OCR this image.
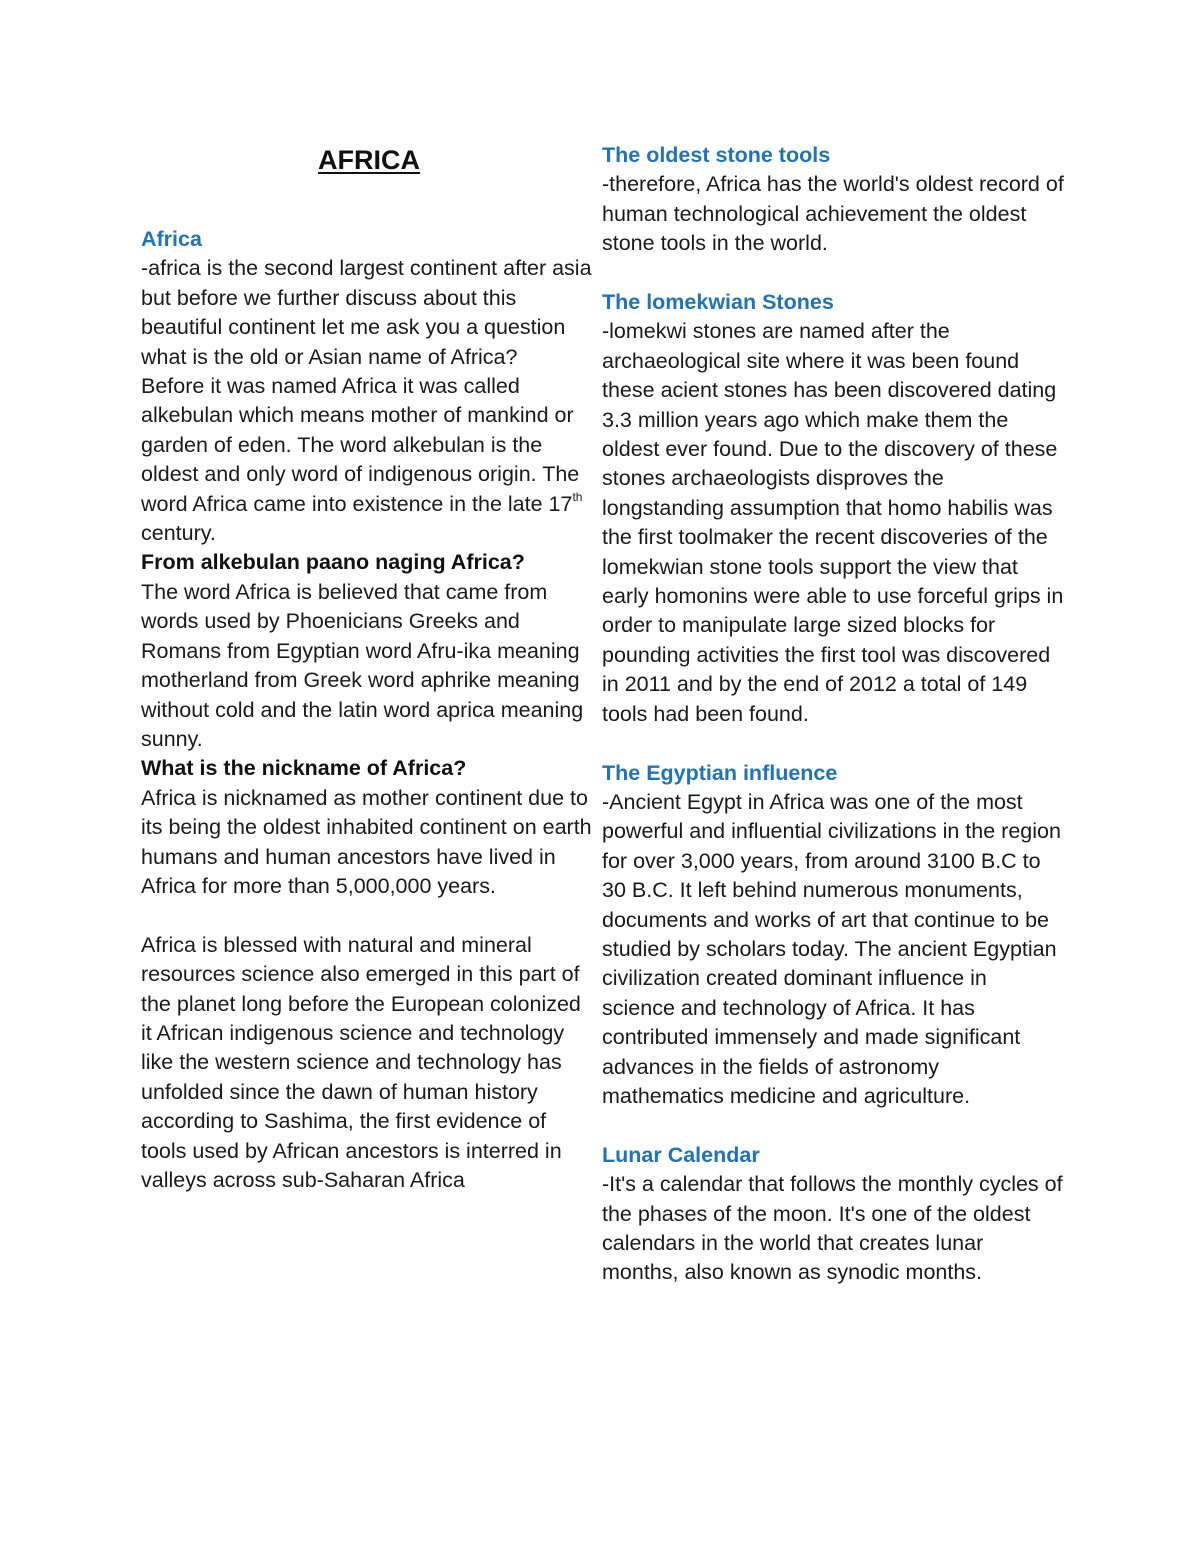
AFRICA

Africa

-africa is the second largest continent after asia but before we further discuss about this beautiful continent let me ask you a question what is the old or Asian name of Africa?

Before it was named Africa it was called alkebulan which means mother of mankind or garden of eden. The word alkebulan is the oldest and only word of indigenous origin. The word Africa came into existence in the late 17th century.

From alkebulan paano naging Africa?

The word Africa is believed that came from words used by Phoenicians Greeks and Romans from Egyptian word Afru-ika meaning motherland from Greek word aphrike meaning without cold and the latin word aprica meaning sunny.

What is the nickname of Africa?

Africa is nicknamed as mother continent due to its being the oldest inhabited continent on earth humans and human ancestors have lived in Africa for more than 5,000,000 years.

Africa is blessed with natural and mineral resources science also emerged in this part of the planet long before the European colonized it African indigenous science and technology like the western science and technology has unfolded since the dawn of human history according to Sashima, the first evidence of tools used by African ancestors is interred in valleys across sub-Saharan Africa

The oldest stone tools

-therefore, Africa has the world's oldest record of human technological achievement the oldest stone tools in the world.

The lomekwian Stones

-lomekwi stones are named after the archaeological site where it was been found these acient stones has been discovered dating 3.3 million years ago which make them the oldest ever found. Due to the discovery of these stones archaeologists disproves the longstanding assumption that homo habilis was the first toolmaker the recent discoveries of the lomekwian stone tools support the view that early homonins were able to use forceful grips in order to manipulate large sized blocks for pounding activities the first tool was discovered in 2011 and by the end of 2012 a total of 149 tools had been found.

The Egyptian influence

-Ancient Egypt in Africa was one of the most powerful and influential civilizations in the region for over 3,000 years, from around 3100 B.C to 30 B.C. It left behind numerous monuments, documents and works of art that continue to be studied by scholars today. The ancient Egyptian civilization created dominant influence in science and technology of Africa. It has contributed immensely and made significant advances in the fields of astronomy mathematics medicine and agriculture.

Lunar Calendar

-It's a calendar that follows the monthly cycles of the phases of the moon. It's one of the oldest calendars in the world that creates lunar months, also known as synodic months.
